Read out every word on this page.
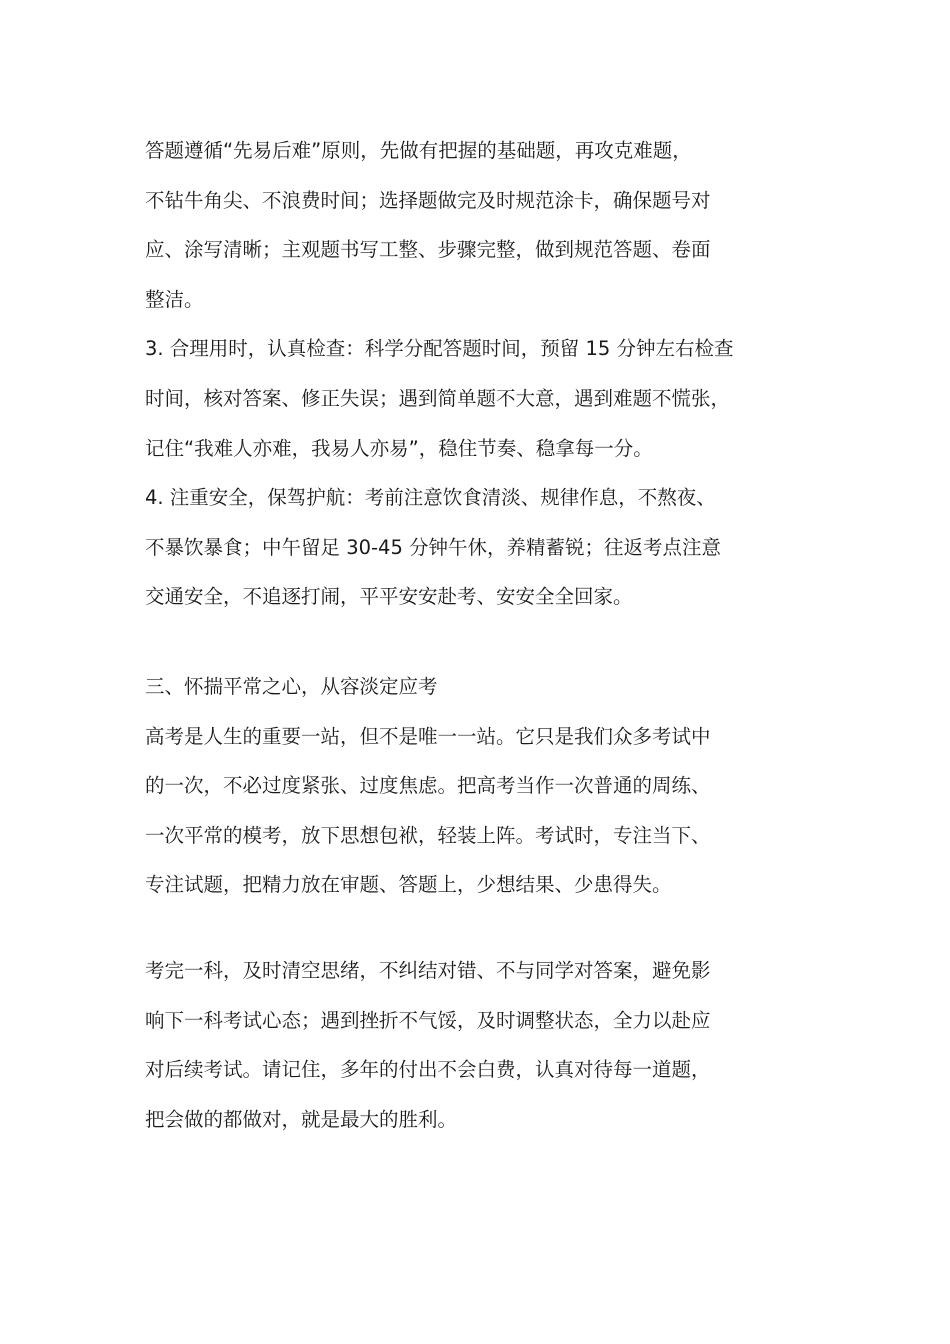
答题遵循“先易后难”原则，先做有把握的基础题，再攻克难题，
不钻牛角尖、不浪费时间；选择题做完及时规范涂卡，确保题号对
应、涂写清晰；主观题书写工整、步骤完整，做到规范答题、卷面
整洁。
3. 合理用时，认真检查：科学分配答题时间，预留 15 分钟左右检查
时间，核对答案、修正失误；遇到简单题不大意，遇到难题不慌张，
记住“我难人亦难，我易人亦易”，稳住节奏、稳拿每一分。
4. 注重安全，保驾护航：考前注意饮食清淡、规律作息，不熬夜、
不暴饮暴食；中午留足 30-45 分钟午休，养精蓄锐；往返考点注意
交通安全，不追逐打闹，平平安安赴考、安安全全回家。
三、怀揣平常之心，从容淡定应考
高考是人生的重要一站，但不是唯一一站。它只是我们众多考试中
的一次，不必过度紧张、过度焦虑。把高考当作一次普通的周练、
一次平常的模考，放下思想包袱，轻装上阵。考试时，专注当下、
专注试题，把精力放在审题、答题上，少想结果、少患得失。
考完一科，及时清空思绪，不纠结对错、不与同学对答案，避免影
响下一科考试心态；遇到挫折不气馁，及时调整状态，全力以赴应
对后续考试。请记住，多年的付出不会白费，认真对待每一道题，
把会做的都做对，就是最大的胜利。
